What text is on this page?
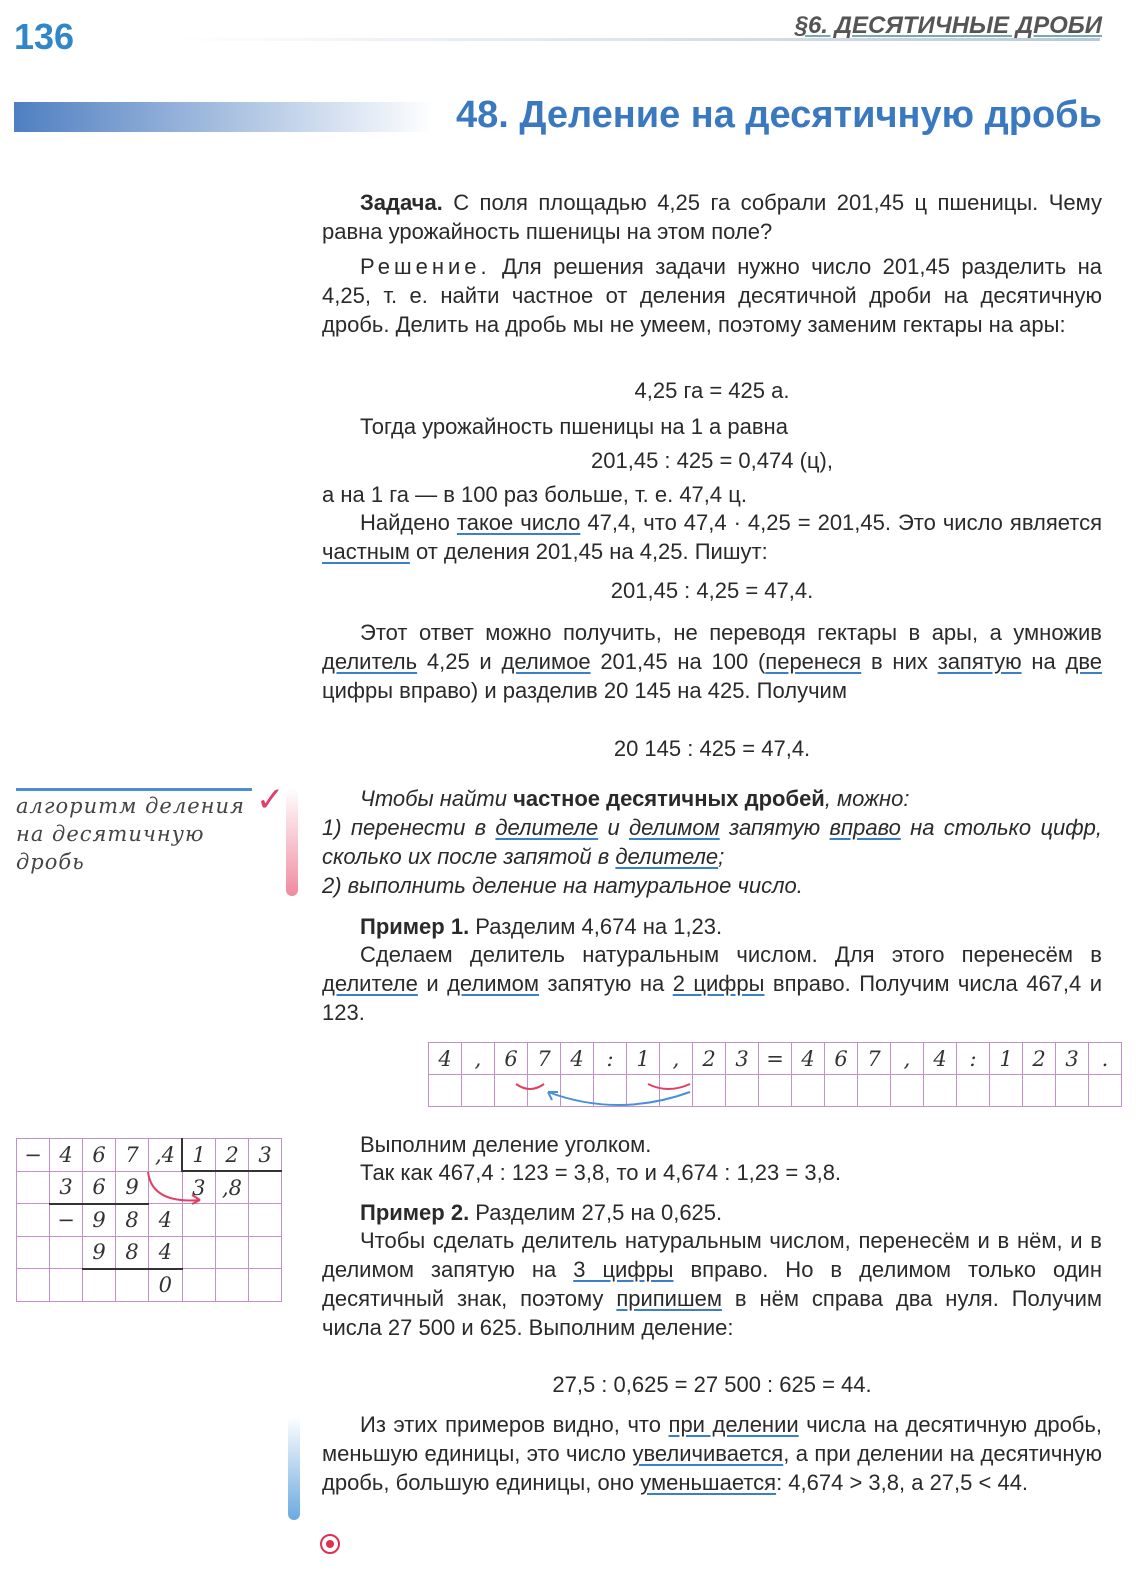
136	§6. ДЕСЯТИЧНЫЕ ДРОБИ
48. Деление на десятичную дробь
Задача. С поля площадью 4,25 га собрали 201,45 ц пшеницы. Чему равна урожайность пшеницы на этом поле?
Решение. Для решения задачи нужно число 201,45 разделить на 4,25, т. е. найти частное от деления десятичной дроби на десятичную дробь. Делить на дробь мы не умеем, поэтому заменим гектары на ары:
4,25 га = 425 а.
Тогда урожайность пшеницы на 1 а равна
201,45 : 425 = 0,474 (ц),
а на 1 га — в 100 раз больше, т. е. 47,4 ц.
Найдено такое число 47,4, что 47,4 · 4,25 = 201,45. Это число является частным от деления 201,45 на 4,25. Пишут:
201,45 : 4,25 = 47,4.
Этот ответ можно получить, не переводя гектары в ары, а умножив делитель 4,25 и делимое 201,45 на 100 (перенеся в них запятую на две цифры вправо) и разделив 20 145 на 425. Получим
20 145 : 425 = 47,4.
алгоритм деления на десятичную дробь
✓	Чтобы найти частное десятичных дробей, можно:
1) перенести в делителе и делимом запятую вправо на столько цифр, сколько их после запятой в делителе;
2) выполнить деление на натуральное число.
Пример 1. Разделим 4,674 на 1,23.
Сделаем делитель натуральным числом. Для этого перенесём в делителе и делимом запятую на 2 цифры вправо. Получим числа 467,4 и 123.
4	,	6	7	4	:	1	,	2	3	=	4	6	7	,	4	:	1	2	3	.

Выполним деление уголком.
Так как 467,4 : 123 = 3,8, то и 4,674 : 1,23 = 3,8.
−	4	6	7	,4	1	2	3
	3	6	9		3	,8	
	−	9	8	4			
		9	8	4			
				0			
Пример 2. Разделим 27,5 на 0,625.
Чтобы сделать делитель натуральным числом, перенесём и в нём, и в делимом запятую на 3 цифры вправо. Но в делимом только один десятичный знак, поэтому припишем в нём справа два нуля. Получим числа 27 500 и 625. Выполним деление:
27,5 : 0,625 = 27 500 : 625 = 44.
Из этих примеров видно, что при делении числа на десятичную дробь, меньшую единицы, это число увеличивается, а при делении на десятичную дробь, большую единицы, оно уменьшается: 4,674 > 3,8, а 27,5 < 44.
